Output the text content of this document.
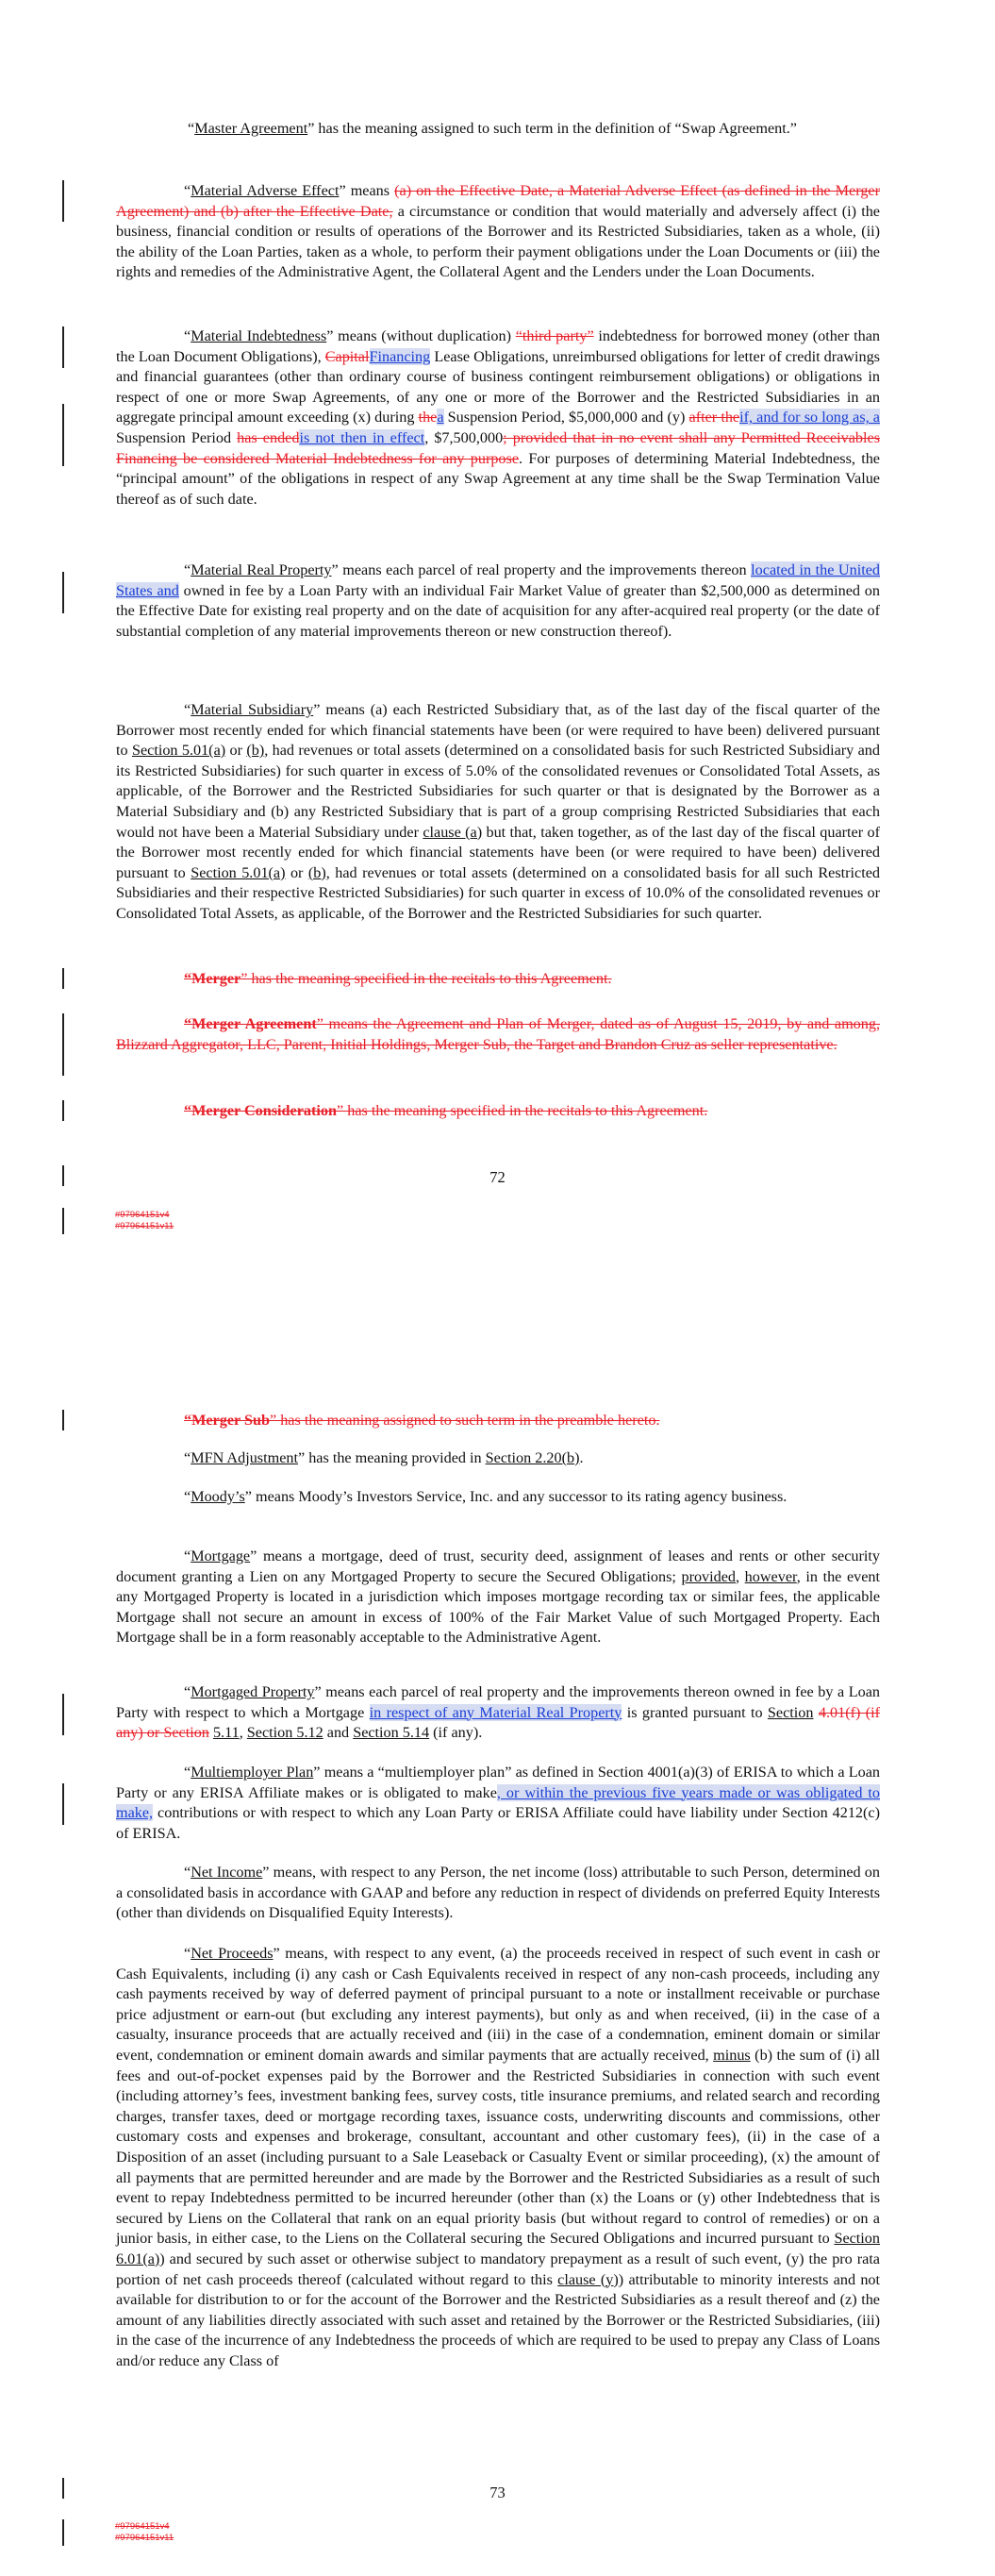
“Master Agreement” has the meaning assigned to such term in the definition of “Swap Agreement.”

“Material Adverse Effect” means (a) on the Effective Date, a Material Adverse Effect (as defined in the Merger Agreement) and (b) after the Effective Date, a circumstance or condition that would materially and adversely affect (i) the business, financial condition or results of operations of the Borrower and its Restricted Subsidiaries, taken as a whole, (ii) the ability of the Loan Parties, taken as a whole, to perform their payment obligations under the Loan Documents or (iii) the rights and remedies of the Administrative Agent, the Collateral Agent and the Lenders under the Loan Documents.

“Material Indebtedness” means (without duplication) “third party” indebtedness for borrowed money (other than the Loan Document Obligations), CapitalFinancing Lease Obligations, unreimbursed obligations for letter of credit drawings and financial guarantees (other than ordinary course of business contingent reimbursement obligations) or obligations in respect of one or more Swap Agreements, of any one or more of the Borrower and the Restricted Subsidiaries in an aggregate principal amount exceeding (x) during thea Suspension Period, $5,000,000 and (y) after theif, and for so long as, a Suspension Period has endedis not then in effect, $7,500,000; provided that in no event shall any Permitted Receivables Financing be considered Material Indebtedness for any purpose. For purposes of determining Material Indebtedness, the “principal amount” of the obligations in respect of any Swap Agreement at any time shall be the Swap Termination Value thereof as of such date.

“Material Real Property” means each parcel of real property and the improvements thereon located in the United States and owned in fee by a Loan Party with an individual Fair Market Value of greater than $2,500,000 as determined on the Effective Date for existing real property and on the date of acquisition for any after-acquired real property (or the date of substantial completion of any material improvements thereon or new construction thereof).

“Material Subsidiary” means (a) each Restricted Subsidiary that, as of the last day of the fiscal quarter of the Borrower most recently ended for which financial statements have been (or were required to have been) delivered pursuant to Section 5.01(a) or (b), had revenues or total assets (determined on a consolidated basis for such Restricted Subsidiary and its Restricted Subsidiaries) for such quarter in excess of 5.0% of the consolidated revenues or Consolidated Total Assets, as applicable, of the Borrower and the Restricted Subsidiaries for such quarter or that is designated by the Borrower as a Material Subsidiary and (b) any Restricted Subsidiary that is part of a group comprising Restricted Subsidiaries that each would not have been a Material Subsidiary under clause (a) but that, taken together, as of the last day of the fiscal quarter of the Borrower most recently ended for which financial statements have been (or were required to have been) delivered pursuant to Section 5.01(a) or (b), had revenues or total assets (determined on a consolidated basis for all such Restricted Subsidiaries and their respective Restricted Subsidiaries) for such quarter in excess of 10.0% of the consolidated revenues or Consolidated Total Assets, as applicable, of the Borrower and the Restricted Subsidiaries for such quarter.

“Merger” has the meaning specified in the recitals to this Agreement.

“Merger Agreement” means the Agreement and Plan of Merger, dated as of August 15, 2019, by and among, Blizzard Aggregator, LLC, Parent, Initial Holdings, Merger Sub, the Target and Brandon Cruz as seller representative.

“Merger Consideration” has the meaning specified in the recitals to this Agreement.

72
#97964151v4
#97964151v11

“Merger Sub” has the meaning assigned to such term in the preamble hereto.

“MFN Adjustment” has the meaning provided in Section 2.20(b).

“Moody’s” means Moody’s Investors Service, Inc. and any successor to its rating agency business.

“Mortgage” means a mortgage, deed of trust, security deed, assignment of leases and rents or other security document granting a Lien on any Mortgaged Property to secure the Secured Obligations; provided, however, in the event any Mortgaged Property is located in a jurisdiction which imposes mortgage recording tax or similar fees, the applicable Mortgage shall not secure an amount in excess of 100% of the Fair Market Value of such Mortgaged Property. Each Mortgage shall be in a form reasonably acceptable to the Administrative Agent.

“Mortgaged Property” means each parcel of real property and the improvements thereon owned in fee by a Loan Party with respect to which a Mortgage in respect of any Material Real Property is granted pursuant to Section 4.01(f) (if any) or Section 5.11, Section 5.12 and Section 5.14 (if any).

“Multiemployer Plan” means a “multiemployer plan” as defined in Section 4001(a)(3) of ERISA to which a Loan Party or any ERISA Affiliate makes or is obligated to make, or within the previous five years made or was obligated to make, contributions or with respect to which any Loan Party or ERISA Affiliate could have liability under Section 4212(c) of ERISA.

“Net Income” means, with respect to any Person, the net income (loss) attributable to such Person, determined on a consolidated basis in accordance with GAAP and before any reduction in respect of dividends on preferred Equity Interests (other than dividends on Disqualified Equity Interests).

“Net Proceeds” means, with respect to any event, (a) the proceeds received in respect of such event in cash or Cash Equivalents, including (i) any cash or Cash Equivalents received in respect of any non-cash proceeds, including any cash payments received by way of deferred payment of principal pursuant to a note or installment receivable or purchase price adjustment or earn-out (but excluding any interest payments), but only as and when received, (ii) in the case of a casualty, insurance proceeds that are actually received and (iii) in the case of a condemnation, eminent domain or similar event, condemnation or eminent domain awards and similar payments that are actually received, minus (b) the sum of (i) all fees and out-of-pocket expenses paid by the Borrower and the Restricted Subsidiaries in connection with such event (including attorney’s fees, investment banking fees, survey costs, title insurance premiums, and related search and recording charges, transfer taxes, deed or mortgage recording taxes, issuance costs, underwriting discounts and commissions, other customary costs and expenses and brokerage, consultant, accountant and other customary fees), (ii) in the case of a Disposition of an asset (including pursuant to a Sale Leaseback or Casualty Event or similar proceeding), (x) the amount of all payments that are permitted hereunder and are made by the Borrower and the Restricted Subsidiaries as a result of such event to repay Indebtedness permitted to be incurred hereunder (other than (x) the Loans or (y) other Indebtedness that is secured by Liens on the Collateral that rank on an equal priority basis (but without regard to control of remedies) or on a junior basis, in either case, to the Liens on the Collateral securing the Secured Obligations and incurred pursuant to Section 6.01(a)) and secured by such asset or otherwise subject to mandatory prepayment as a result of such event, (y) the pro rata portion of net cash proceeds thereof (calculated without regard to this clause (y)) attributable to minority interests and not available for distribution to or for the account of the Borrower and the Restricted Subsidiaries as a result thereof and (z) the amount of any liabilities directly associated with such asset and retained by the Borrower or the Restricted Subsidiaries, (iii) in the case of the incurrence of any Indebtedness the proceeds of which are required to be used to prepay any Class of Loans and/or reduce any Class of

73
#97964151v4
#97964151v11
